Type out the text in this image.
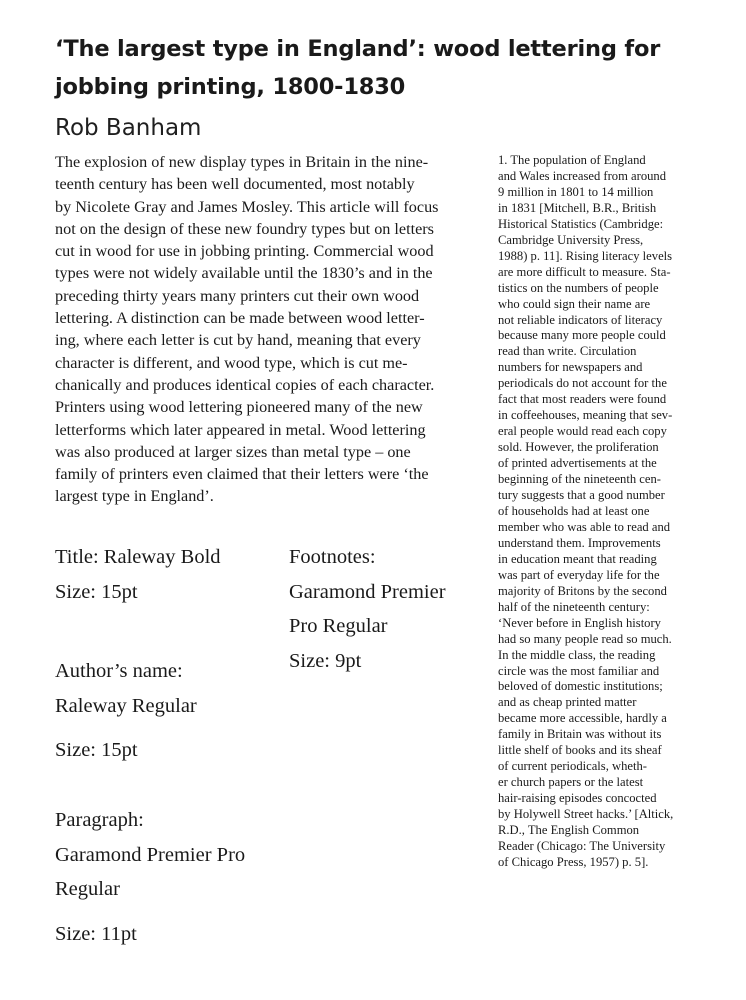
‘The largest type in England’: wood lettering for
jobbing printing, 1800-1830

Rob Banham

The explosion of new display types in Britain in the nine-
teenth century has been well documented, most notably
by Nicolete Gray and James Mosley. This article will focus
not on the design of these new foundry types but on letters
cut in wood for use in jobbing printing. Commercial wood
types were not widely available until the 1830’s and in the
preceding thirty years many printers cut their own wood
lettering. A distinction can be made between wood letter-
ing, where each letter is cut by hand, meaning that every
character is different, and wood type, which is cut me-
chanically and produces identical copies of each character.
Printers using wood lettering pioneered many of the new
letterforms which later appeared in metal. Wood lettering
was also produced at larger sizes than metal type – one
family of printers even claimed that their letters were ‘the
largest type in England’.
1. The population of England
and Wales increased from around
9 million in 1801 to 14 million
in 1831 [Mitchell, B.R., British
Historical Statistics (Cambridge:
Cambridge University Press,
1988) p. 11]. Rising literacy levels
are more difficult to measure. Sta-
tistics on the numbers of people
who could sign their name are
not reliable indicators of literacy
because many more people could
read than write. Circulation
numbers for newspapers and
periodicals do not account for the
fact that most readers were found
in coffeehouses, meaning that sev-
eral people would read each copy
sold. However, the proliferation
of printed advertisements at the
beginning of the nineteenth cen-
tury suggests that a good number
of households had at least one
member who was able to read and
understand them. Improvements
in education meant that reading
was part of everyday life for the
majority of Britons by the second
half of the nineteenth century:
‘Never before in English history
had so many people read so much.
In the middle class, the reading
circle was the most familiar and
beloved of domestic institutions;
and as cheap printed matter
became more accessible, hardly a
family in Britain was without its
little shelf of books and its sheaf
of current periodicals, wheth-
er church papers or the latest
hair-raising episodes concocted
by Holywell Street hacks.’ [Altick,
R.D., The English Common
Reader (Chicago: The University
of Chicago Press, 1957) p. 5].
Title: Raleway Bold
Size: 15pt
Author’s name:
Raleway Regular
Size: 15pt
Paragraph:
Garamond Premier Pro
Regular
Size: 11pt
Footnotes:
Garamond Premier
Pro Regular
Size: 9pt
